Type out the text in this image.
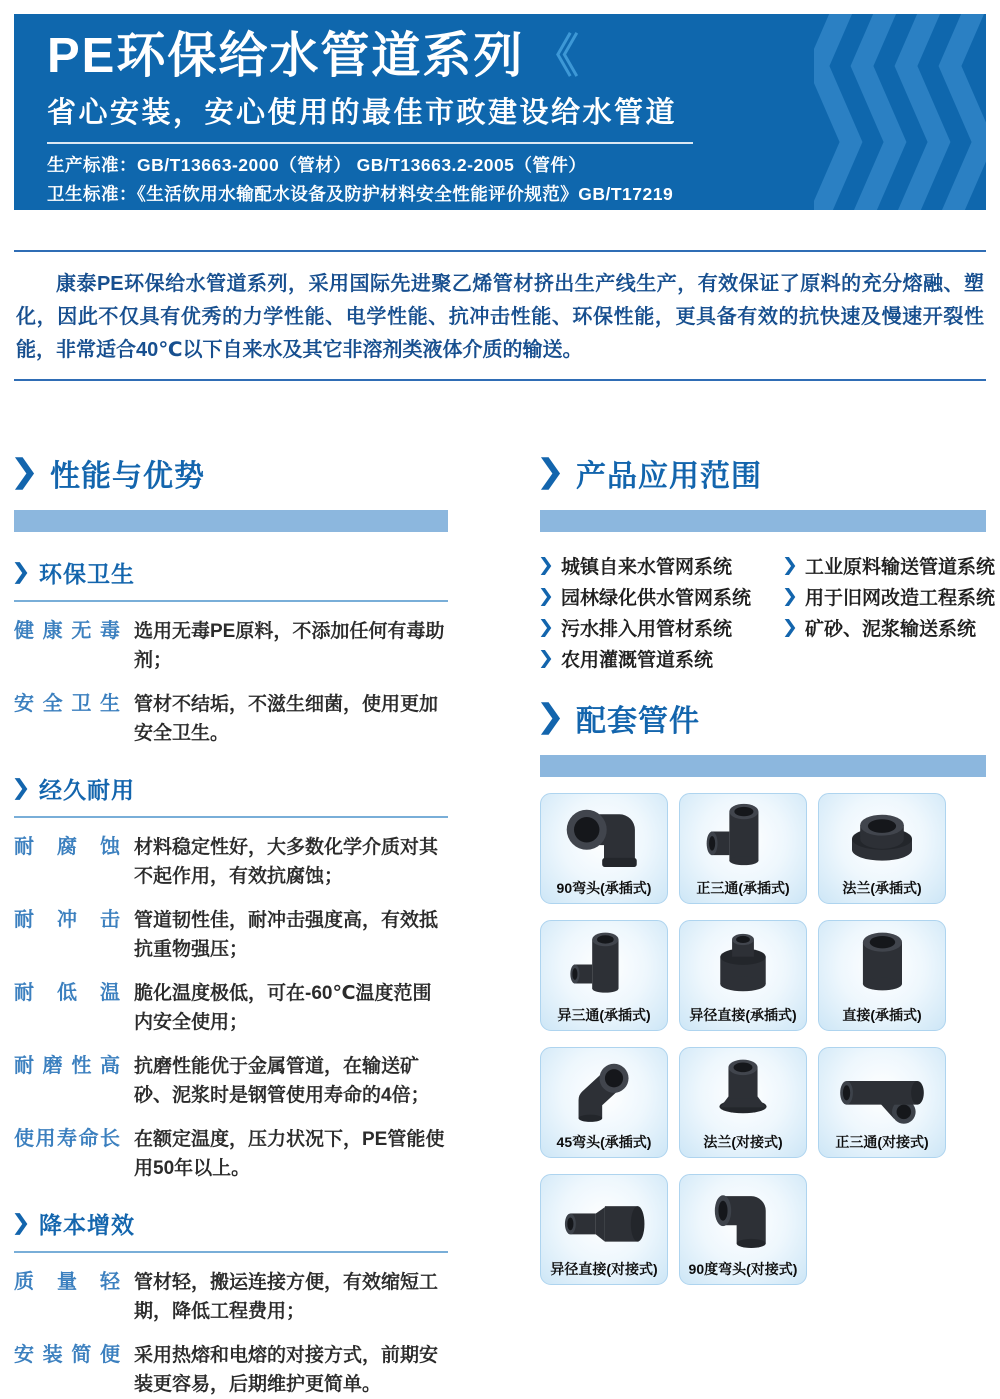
PE环保给水管道系列 《
省心安装，安心使用的最佳市政建设给水管道

生产标准：GB/T13663-2000（管材） GB/T13663.2-2005（管件）

卫生标准：《生活饮用水输配水设备及防护材料安全性能评价规范》GB/T17219

康泰PE环保给水管道系列，采用国际先进聚乙烯管材挤出生产线生产，有效保证了原料的充分熔融、塑化，因此不仅具有优秀的力学性能、电学性能、抗冲击性能、环保性能，更具备有效的抗快速及慢速开裂性能，非常适合40℃以下自来水及其它非溶剂类液体介质的输送。

性能与优势
环保卫生
健康无毒 选用无毒PE原料，不添加任何有毒助剂；
安全卫生 管材不结垢，不滋生细菌，使用更加安全卫生。
经久耐用
耐腐蚀 材料稳定性好，大多数化学介质对其不起作用，有效抗腐蚀；
耐冲击 管道韧性佳，耐冲击强度高，有效抵抗重物强压；
耐低温 脆化温度极低，可在-60℃温度范围内安全使用；
耐磨性高 抗磨性能优于金属管道，在输送矿砂、泥浆时是钢管使用寿命的4倍；
使用寿命长 在额定温度，压力状况下，PE管能使用50年以上。
降本增效
质量轻 管材轻，搬运连接方便，有效缩短工期，降低工程费用；
安装简便 采用热熔和电熔的对接方式，前期安装更容易，后期维护更简单。
产品应用范围
城镇自来水管网系统
园林绿化供水管网系统
污水排入用管材系统
农用灌溉管道系统
工业原料输送管道系统
用于旧网改造工程系统
矿砂、泥浆输送系统
配套管件
90弯头(承插式)	正三通(承插式)	法兰(承插式)
异三通(承插式)	异径直接(承插式)	直接(承插式)
45弯头(承插式)	法兰(对接式)	正三通(对接式)
异径直接(对接式) 90度弯头(对接式)
